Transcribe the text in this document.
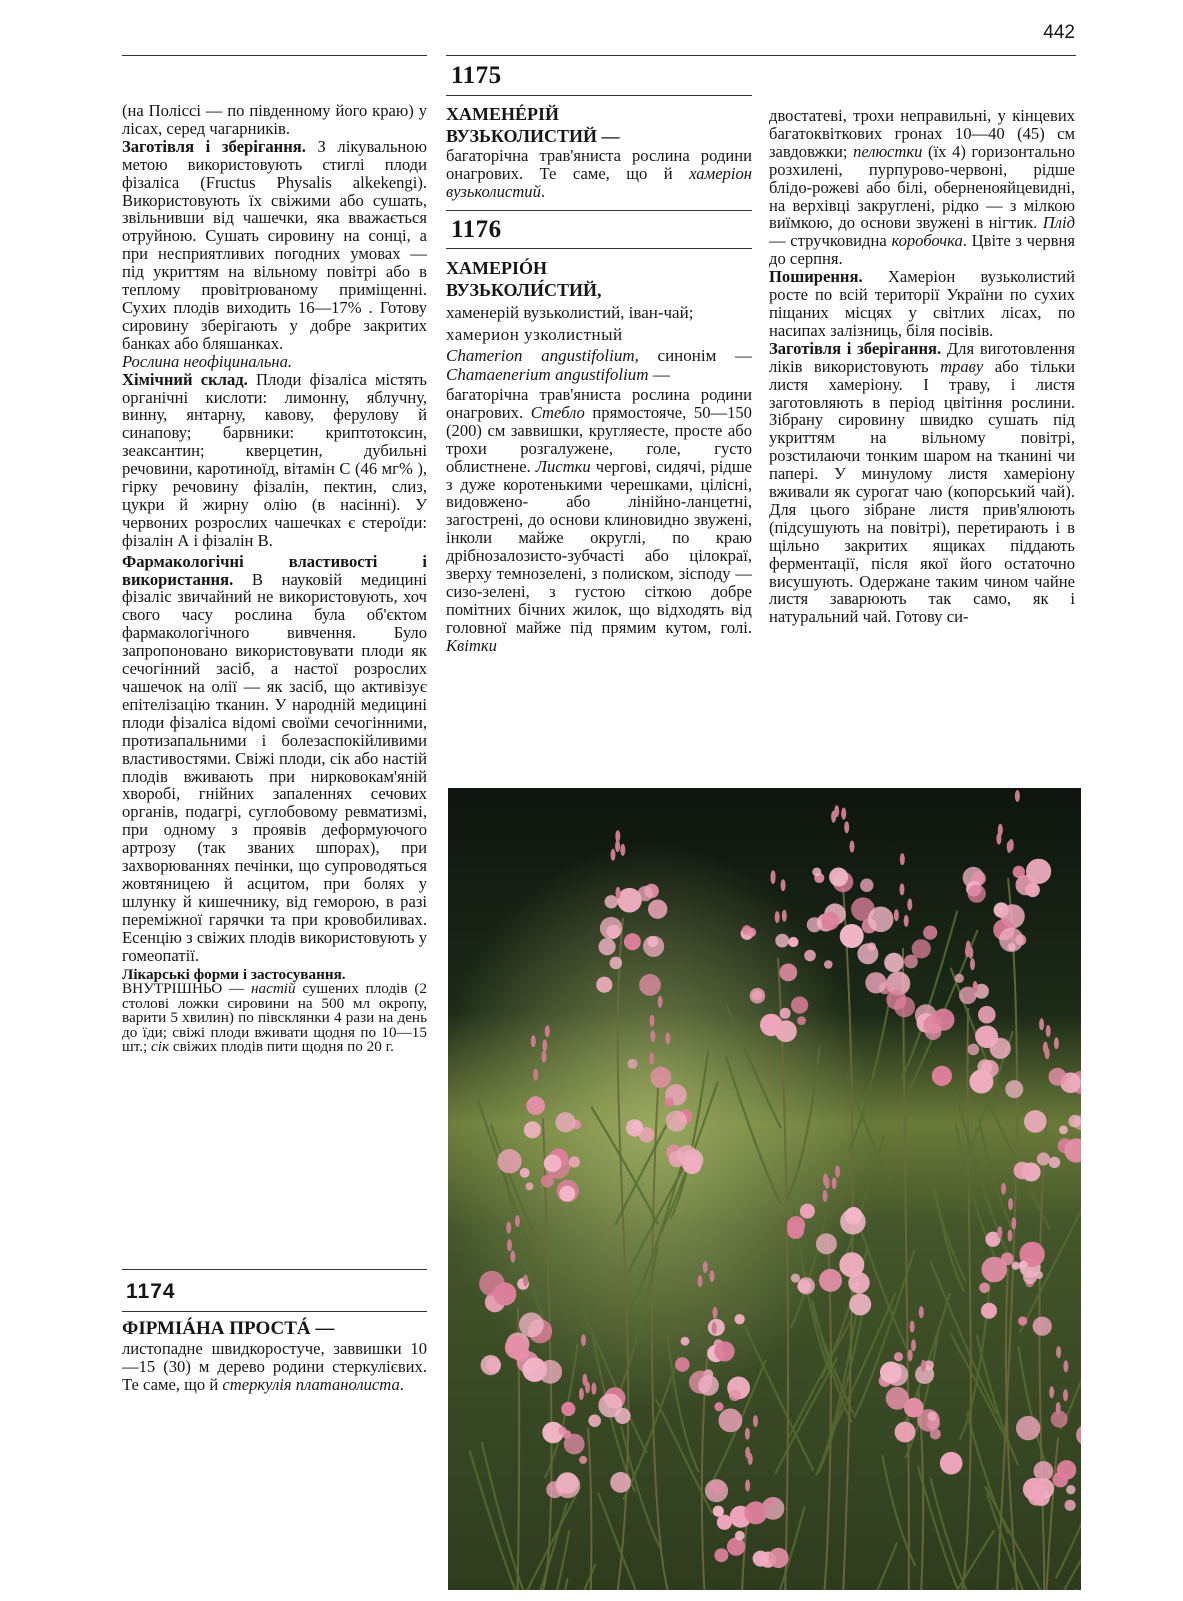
442

(на Поліссі — по південному його краю) у лісах, серед чагарників.

Заготівля і зберігання. З лікувальною метою використовують стиглі плоди фізаліса (Fructus Physalis alkekengi). Використовують їх свіжими або сушать, звільнивши від чашечки, яка вважається отруйною. Сушать сировину на сонці, а при несприятливих погодних умовах — під укриттям на вільному повітрі або в теплому провітрюваному приміщенні. Сухих плодів виходить 16—17% . Готову сировину зберігають у добре закритих банках або бляшанках.

Рослина неофіцинальна.

Хімічний склад. Плоди фізаліса містять органічні кислоти: лимонну, яблучну, винну, янтарну, кавову, ферулову й синапову; барвники: криптотоксин, зеаксантин; кверцетин, дубильні речовини, каротиноїд, вітамін С (46 мг% ), гірку речовину фізалін, пектин, слиз, цукри й жирну олію (в насінні). У червоних розрослих чашечках є стероїди: фізалін А і фізалін В.

Фармакологічні властивості і використання. В науковій медицині фізаліс звичайний не використовують, хоч свого часу рослина була об'єктом фармакологічного вивчення. Було запропоновано використовувати плоди як сечогінний засіб, а настої розрослих чашечок на олії — як засіб, що активізує епітелізацію тканин. У народній медицині плоди фізаліса відомі своїми сечогінними, протизапальними і болезаспокійливими властивостями. Свіжі плоди, сік або настій плодів вживають при нирковокам'яній хворобі, гнійних запаленнях сечових органів, подагрі, суглобовому ревматизмі, при одному з проявів деформуючого артрозу (так званих шпорах), при захворюваннях печінки, що супроводяться жовтяницею й асцитом, при болях у шлунку й кишечнику, від геморою, в разі переміжної гарячки та при кровобиливах. Есенцію з свіжих плодів використовують у гомеопатії.

Лікарські форми і застосування.
ВНУТРІШНЬО — настій сушених плодів (2 столові ложки сировини на 500 мл окропу, варити 5 хвилин) по півсклянки 4 рази на день до їди; свіжі плоди вживати щодня по 10—15 шт.; сік свіжих плодів пити щодня по 20 г.

1174

ФІРМІÁНА ПРОСТÁ —

листопадне швидкоростуче, заввишки 10—15 (30) м дерево родини стеркулієвих. Те саме, що й стеркулія платанолиста.

1175

ХАМЕНÉРІЙ

ВУЗЬКОЛИСТИЙ —

багаторічна трав'яниста рослина родини онагрових. Те саме, що й хамеріон вузьколистий.

1176

ХАМЕРІÓН

ВУЗЬКОЛИ́СТИЙ,

хаменерій вузьколистий, іван-чай;

хамерион узколистный

Chamerion angustifolium, синонім — Chamaenerium angustifolium —

багаторічна трав'яниста рослина родини онагрових. Стебло прямостояче, 50—150 (200) см заввишки, кругляесте, просте або трохи розгалужене, голе, густо облистнене. Листки чергові, сидячі, рідше з дуже коротенькими черешками, цілісні, видовжено- або лінійно-ланцетні, загострені, до основи клиновидно звужені, інколи майже округлі, по краю дрібнозалозисто-зубчасті або цілокраї, зверху темнозелені, з полиском, зісподу — сизо-зелені, з густою сіткою добре помітних бічних жилок, що відходять від головної майже під прямим кутом, голі. Квітки

двостатеві, трохи неправильні, у кінцевих багатоквіткових гронах 10—40 (45) см завдовжки; пелюстки (їх 4) горизонтально розхилені, пурпурово-червоні, рідше блідо-рожеві або білі, оберненояйцевидні, на верхівці закруглені, рідко — з мілкою виїмкою, до основи звужені в нігтик. Плід — стручковидна коробочка. Цвіте з червня до серпня.

Поширення. Хамеріон вузьколистий росте по всій території України по сухих піщаних місцях у світлих лісах, по насипах залізниць, біля посівів.

Заготівля і зберігання. Для виготовлення ліків використовують траву або тільки листя хамеріону. І траву, і листя заготовляють в період цвітіння рослини. Зібрану сировину швидко сушать під укриттям на вільному повітрі, розстилаючи тонким шаром на тканині чи папері. У минулому листя хамеріону вживали як сурогат чаю (копорський чай). Для цього зібране листя прив'ялюють (підсушують на повітрі), перетирають і в щільно закритих ящиках піддають ферментації, після якої його остаточно висушують. Одержане таким чином чайне листя заварюють так само, як і натуральний чай. Готову си-
